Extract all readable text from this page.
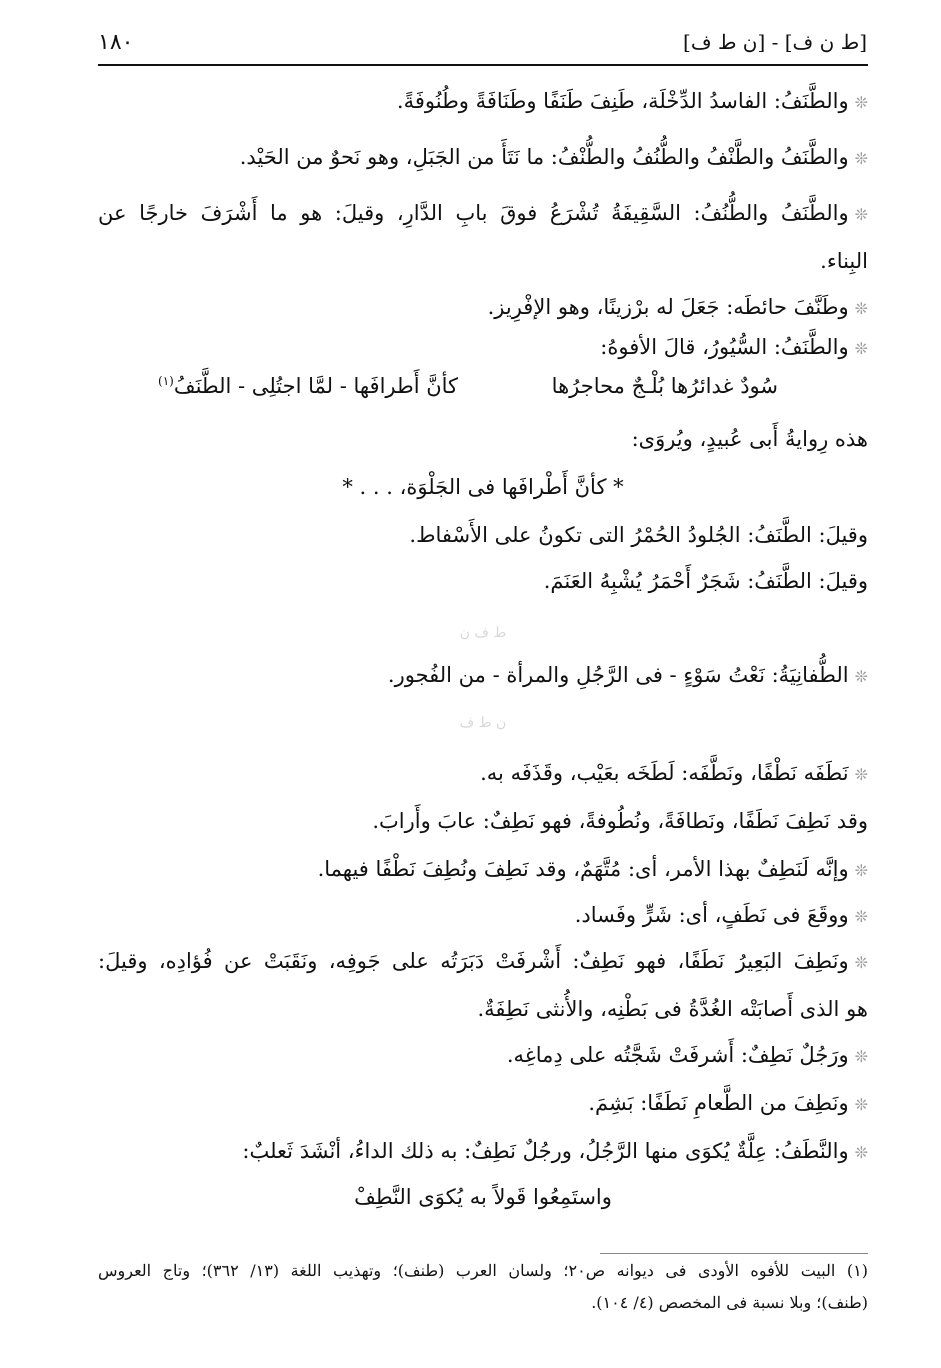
١٨٠	[ط ن ف] - [ن ط ف]
❊والطَّنَفُ: الفاسدُ الدِّخْلَة، طَنِفَ طَنَفًا وطَنَافَةً وطُنُوفَةً.
❊والطَّنَفُ والطَّنْفُ والطُّنُفُ والطُّنْفُ: ما نَتَأَ من الجَبَلِ، وهو نَحوٌ من الحَيْد.
❊والطَّنَفُ والطُّنُفُ: السَّقِيفَةُ تُشْرَعُ فوقَ بابِ الدَّارِ، وقيلَ: هو ما أَشْرَفَ خارجًا عن
البِناء.
❊وطَنَّفَ حائطَه: جَعَلَ له برْزينًا، وهو الإفْرِيز.
❊والطَّنَفُ: السُّيُورُ، قالَ الأفوهُ:
سُودٌ غدائرُها بُلْـجٌ محاجرُها
كأنَّ أَطرافَها - لمَّا اجتُلِى - الطَّنَفُ$^{(١)}$
هذه رِوايةُ أَبى عُبيدٍ، ويُروَى:
* كأنَّ أَطْرافَها فى الجَلْوَة، . . . *
وقيلَ: الطَّنَفُ: الجُلودُ الحُمْرُ التى تكونُ على الأَسْفاط.
وقيلَ: الطَّنَفُ: شَجَرٌ أَحْمَرُ يُشْبِهُ العَنَمَ.
ط ف ن
❊الطُّفانِيَةُ: نَعْتُ سَوْءٍ - فى الرَّجُلِ والمرأة - من الفُجور.
ن ط ف
❊نَطَفَه نَطْفًا، ونَطَّفَه: لَطَخَه بعَيْب، وقَذَفَه به.
وقد نَطِفَ نَطَفًا، ونَطافَةً، ونُطُوفةً، فهو نَطِفٌ: عابَ وأَرابَ.
❊وإنَّه لَنَطِفٌ بهذا الأمر، أى: مُتَّهَمٌ، وقد نَطِفَ ونُطِفَ نَطْفًا فيهما.
❊ووقَعَ فى نَطَفٍ، أى: شَرٍّ وفَساد.
❊ونَطِفَ البَعِيرُ نَطَفًا، فهو نَطِفٌ: أَشْرفَتْ دَبَرَتُه على جَوفِه، ونَقَبَتْ عن فُؤادِه، وقيلَ:
هو الذى أَصابَتْه الغُدَّةُ فى بَطْنِه، والأُنثى نَطِفَةٌ.
❊ورَجُلٌ نَطِفٌ: أَشرفَتْ شَجَّتُه على دِماغِه.
❊ونَطِفَ من الطَّعامِ نَطَفًا: بَشِمَ.
❊والنَّطَفُ: عِلَّةٌ يُكوَى منها الرَّجُلُ، ورجُلٌ نَطِفٌ: به ذلك الداءُ، أنْشَدَ ثَعلبٌ:
واستَمِعُوا قَولاً به يُكوَى النَّطِفْ
(١) البيت للأفوه الأودى فى ديوانه ص٢٠؛ ولسان العرب (طنف)؛ وتهذيب اللغة (١٣/ ٣٦٢)؛ وتاج العروس
(طنف)؛ وبلا نسبة فى المخصص (٤/ ١٠٤).
